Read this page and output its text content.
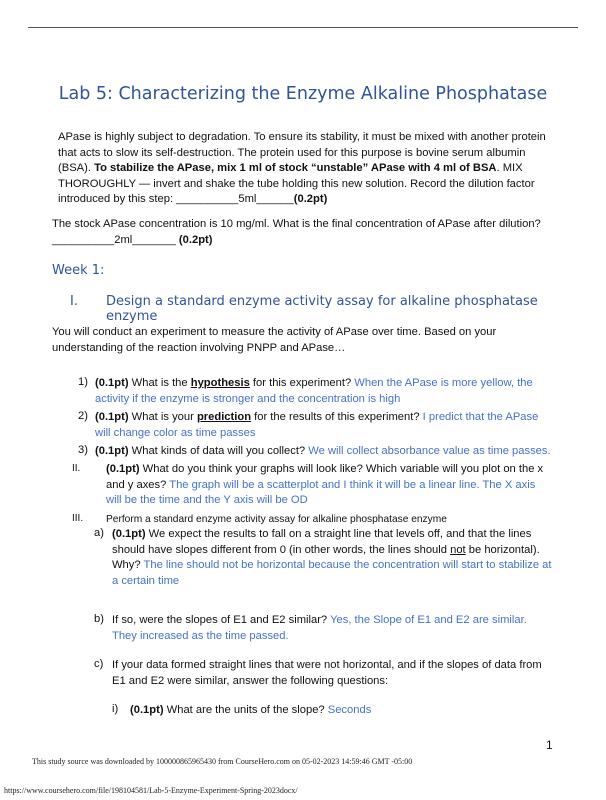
Lab 5: Characterizing the Enzyme Alkaline Phosphatase
APase is highly subject to degradation. To ensure its stability, it must be mixed with another protein that acts to slow its self-destruction. The protein used for this purpose is bovine serum albumin (BSA). To stabilize the APase, mix 1 ml of stock “unstable” APase with 4 ml of BSA. MIX THOROUGHLY — invert and shake the tube holding this new solution. Record the dilution factor introduced by this step: __________5ml______(0.2pt)
The stock APase concentration is 10 mg/ml. What is the final concentration of APase after dilution?
__________2ml_______ (0.2pt)
Week 1:
I. Design a standard enzyme activity assay for alkaline phosphatase enzyme
You will conduct an experiment to measure the activity of APase over time. Based on your understanding of the reaction involving PNPP and APase…
1) (0.1pt) What is the hypothesis for this experiment? When the APase is more yellow, the activity if the enzyme is stronger and the concentration is high
2) (0.1pt) What is your prediction for the results of this experiment? I predict that the APase will change color as time passes
3) (0.1pt) What kinds of data will you collect? We will collect absorbance value as time passes.
II. (0.1pt) What do you think your graphs will look like? Which variable will you plot on the x and y axes? The graph will be a scatterplot and I think it will be a linear line. The X axis will be the time and the Y axis will be OD
III. Perform a standard enzyme activity assay for alkaline phosphatase enzyme
a) (0.1pt) We expect the results to fall on a straight line that levels off, and that the lines should have slopes different from 0 (in other words, the lines should not be horizontal). Why? The line should not be horizontal because the concentration will start to stabilize at a certain time
b) If so, were the slopes of E1 and E2 similar? Yes, the Slope of E1 and E2 are similar. They increased as the time passed.
c) If your data formed straight lines that were not horizontal, and if the slopes of data from E1 and E2 were similar, answer the following questions:
i) (0.1pt) What are the units of the slope? Seconds
1
This study source was downloaded by 100000865965430 from CourseHero.com on 05-02-2023 14:59:46 GMT -05:00
https://www.coursehero.com/file/198104581/Lab-5-Enzyme-Experiment-Spring-2023docx/
